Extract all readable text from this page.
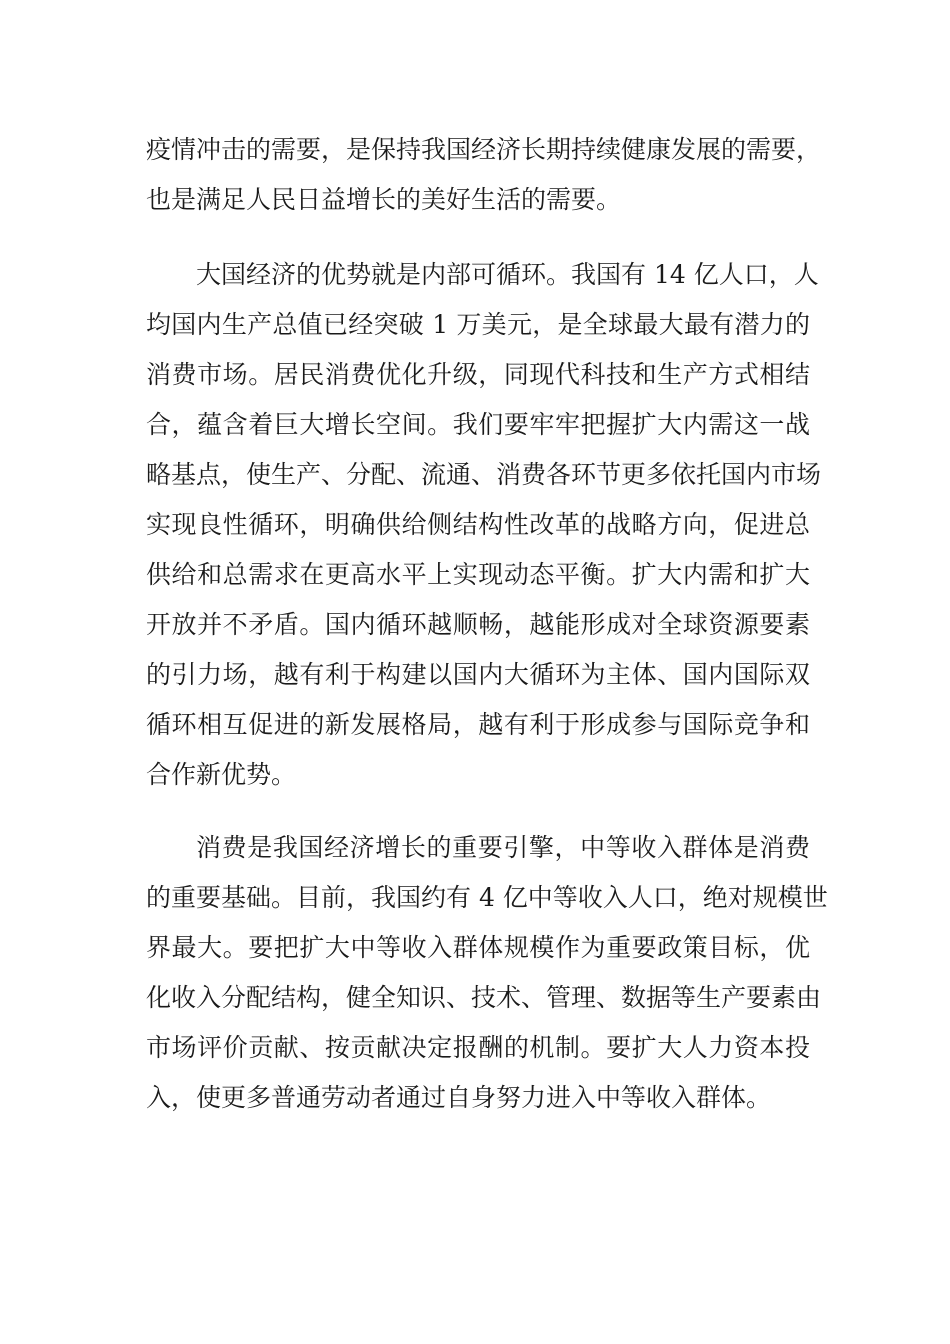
疫情冲击的需要，是保持我国经济长期持续健康发展的需要，
也是满足人民日益增长的美好生活的需要。
大国经济的优势就是内部可循环。我国有 14 亿人口，人
均国内生产总值已经突破 1 万美元，是全球最大最有潜力的
消费市场。居民消费优化升级，同现代科技和生产方式相结
合，蕴含着巨大增长空间。我们要牢牢把握扩大内需这一战
略基点，使生产、分配、流通、消费各环节更多依托国内市场
实现良性循环，明确供给侧结构性改革的战略方向，促进总
供给和总需求在更高水平上实现动态平衡。扩大内需和扩大
开放并不矛盾。国内循环越顺畅，越能形成对全球资源要素
的引力场，越有利于构建以国内大循环为主体、国内国际双
循环相互促进的新发展格局，越有利于形成参与国际竞争和
合作新优势。
消费是我国经济增长的重要引擎，中等收入群体是消费
的重要基础。目前，我国约有 4 亿中等收入人口，绝对规模世
界最大。要把扩大中等收入群体规模作为重要政策目标，优
化收入分配结构，健全知识、技术、管理、数据等生产要素由
市场评价贡献、按贡献决定报酬的机制。要扩大人力资本投
入，使更多普通劳动者通过自身努力进入中等收入群体。
